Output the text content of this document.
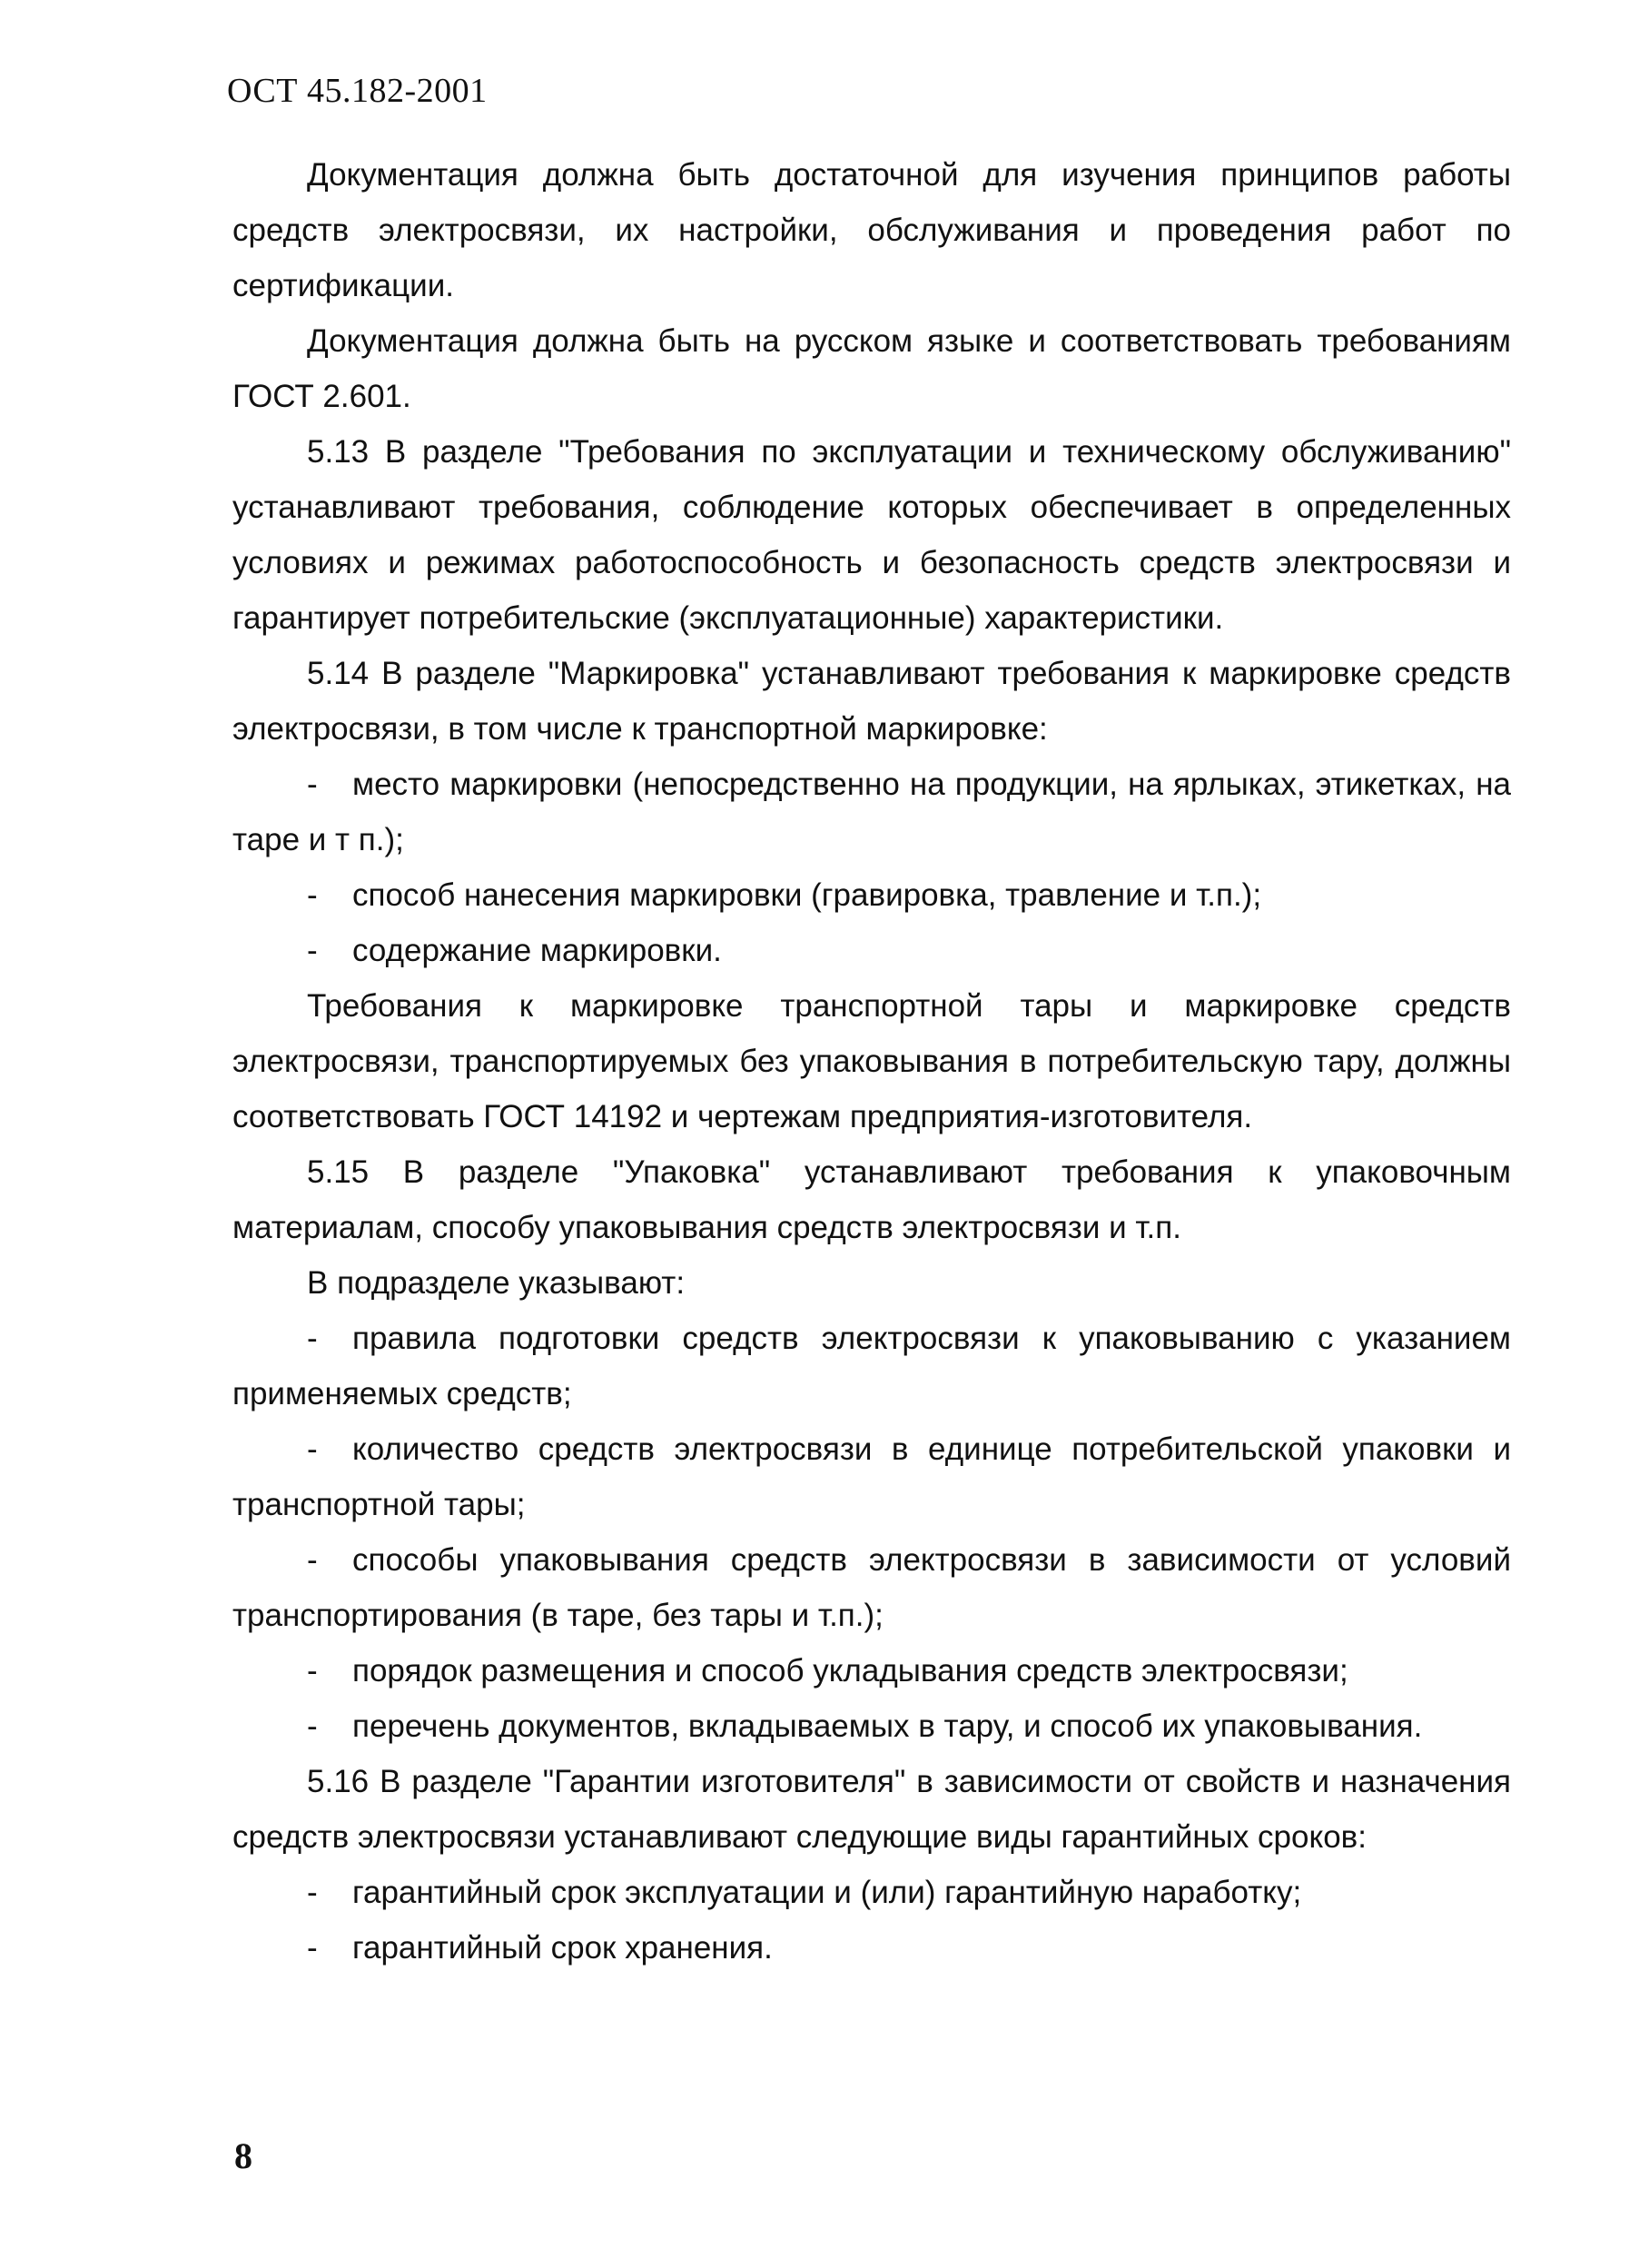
ОСТ 45.182-2001

Документация должна быть достаточной для изучения принципов работы средств электросвязи, их настройки, обслуживания и проведения работ по сертификации.

Документация должна быть на русском языке и соответствовать требованиям ГОСТ 2.601.

5.13 В разделе "Требования по эксплуатации и техническому обслуживанию" устанавливают требования, соблюдение которых обеспечивает в определенных условиях и режимах работоспособность и безопасность средств электросвязи и гарантирует потребительские (эксплуатационные) характеристики.

5.14 В разделе "Маркировка" устанавливают требования к маркировке средств электросвязи, в том числе к транспортной маркировке:

- место маркировки (непосредственно на продукции, на ярлыках, этикетках, на таре и т п.);

- способ нанесения маркировки (гравировка, травление и т.п.);

- содержание маркировки.

Требования к маркировке транспортной тары и маркировке средств электросвязи, транспортируемых без упаковывания в потребительскую тару, должны соответствовать ГОСТ 14192 и чертежам предприятия-изготовителя.

5.15 В разделе "Упаковка" устанавливают требования к упаковочным материалам, способу упаковывания средств электросвязи и т.п.

В подразделе указывают:

- правила подготовки средств электросвязи к упаковыванию с указанием применяемых средств;

- количество средств электросвязи в единице потребительской упаковки и транспортной тары;

- способы упаковывания средств электросвязи в зависимости от условий транспортирования (в таре, без тары и т.п.);

- порядок размещения и способ укладывания средств электросвязи;

- перечень документов, вкладываемых в тару, и способ их упаковывания.

5.16 В разделе "Гарантии изготовителя" в зависимости от свойств и назначения средств электросвязи устанавливают следующие виды гарантийных сроков:

- гарантийный срок эксплуатации и (или) гарантийную наработку;

- гарантийный срок хранения.

8
